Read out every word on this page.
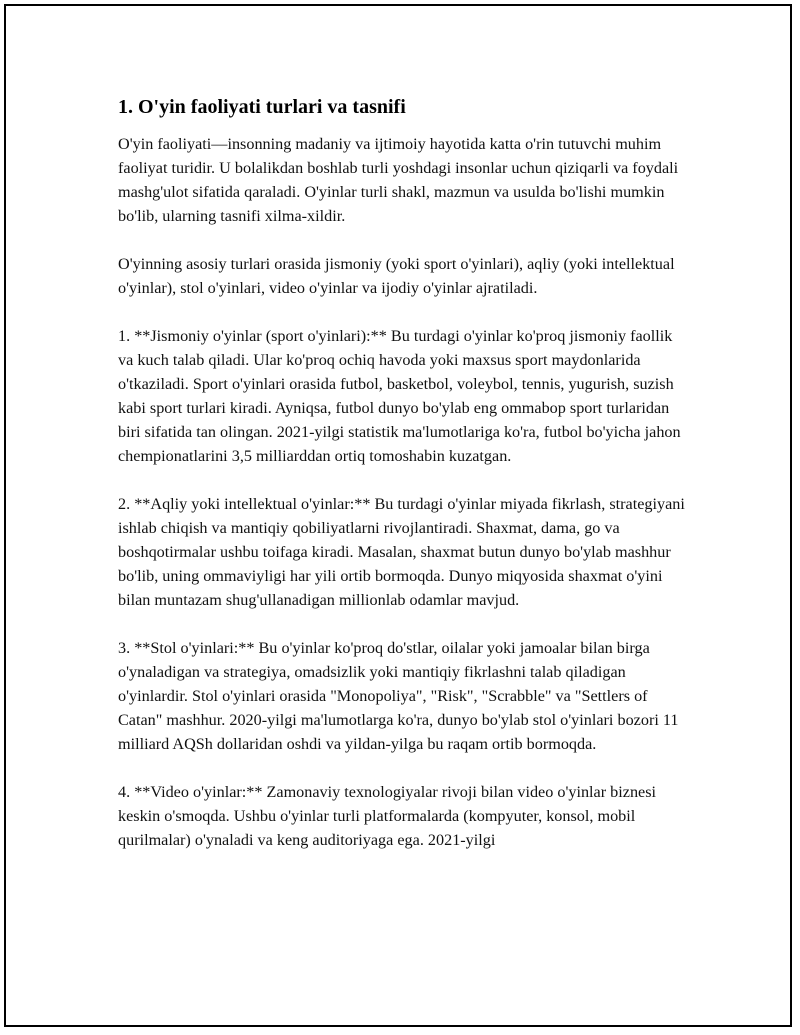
1. O'yin faoliyati turlari va tasnifi

O'yin faoliyati—insonning madaniy va ijtimoiy hayotida katta o'rin tutuvchi muhim faoliyat turidir. U bolalikdan boshlab turli yoshdagi insonlar uchun qiziqarli va foydali mashg'ulot sifatida qaraladi. O'yinlar turli shakl, mazmun va usulda bo'lishi mumkin bo'lib, ularning tasnifi xilma-xildir.

O'yinning asosiy turlari orasida jismoniy (yoki sport o'yinlari), aqliy (yoki intellektual o'yinlar), stol o'yinlari, video o'yinlar va ijodiy o'yinlar ajratiladi.

1. **Jismoniy o'yinlar (sport o'yinlari):** Bu turdagi o'yinlar ko'proq jismoniy faollik va kuch talab qiladi. Ular ko'proq ochiq havoda yoki maxsus sport maydonlarida o'tkaziladi. Sport o'yinlari orasida futbol, basketbol, voleybol, tennis, yugurish, suzish kabi sport turlari kiradi. Ayniqsa, futbol dunyo bo'ylab eng ommabop sport turlaridan biri sifatida tan olingan. 2021-yilgi statistik ma'lumotlariga ko'ra, futbol bo'yicha jahon chempionatlarini 3,5 milliarddan ortiq tomoshabin kuzatgan.

2. **Aqliy yoki intellektual o'yinlar:** Bu turdagi o'yinlar miyada fikrlash, strategiyani ishlab chiqish va mantiqiy qobiliyatlarni rivojlantiradi. Shaxmat, dama, go va boshqotirmalar ushbu toifaga kiradi. Masalan, shaxmat butun dunyo bo'ylab mashhur bo'lib, uning ommaviyligi har yili ortib bormoqda. Dunyo miqyosida shaxmat o'yini bilan muntazam shug'ullanadigan millionlab odamlar mavjud.

3. **Stol o'yinlari:** Bu o'yinlar ko'proq do'stlar, oilalar yoki jamoalar bilan birga o'ynaladigan va strategiya, omadsizlik yoki mantiqiy fikrlashni talab qiladigan o'yinlardir. Stol o'yinlari orasida "Monopoliya", "Risk", "Scrabble" va "Settlers of Catan" mashhur. 2020-yilgi ma'lumotlarga ko'ra, dunyo bo'ylab stol o'yinlari bozori 11 milliard AQSh dollaridan oshdi va yildan-yilga bu raqam ortib bormoqda.

4. **Video o'yinlar:** Zamonaviy texnologiyalar rivoji bilan video o'yinlar biznesi keskin o'smoqda. Ushbu o'yinlar turli platformalarda (kompyuter, konsol, mobil qurilmalar) o'ynaladi va keng auditoriyaga ega. 2021-yilgi
